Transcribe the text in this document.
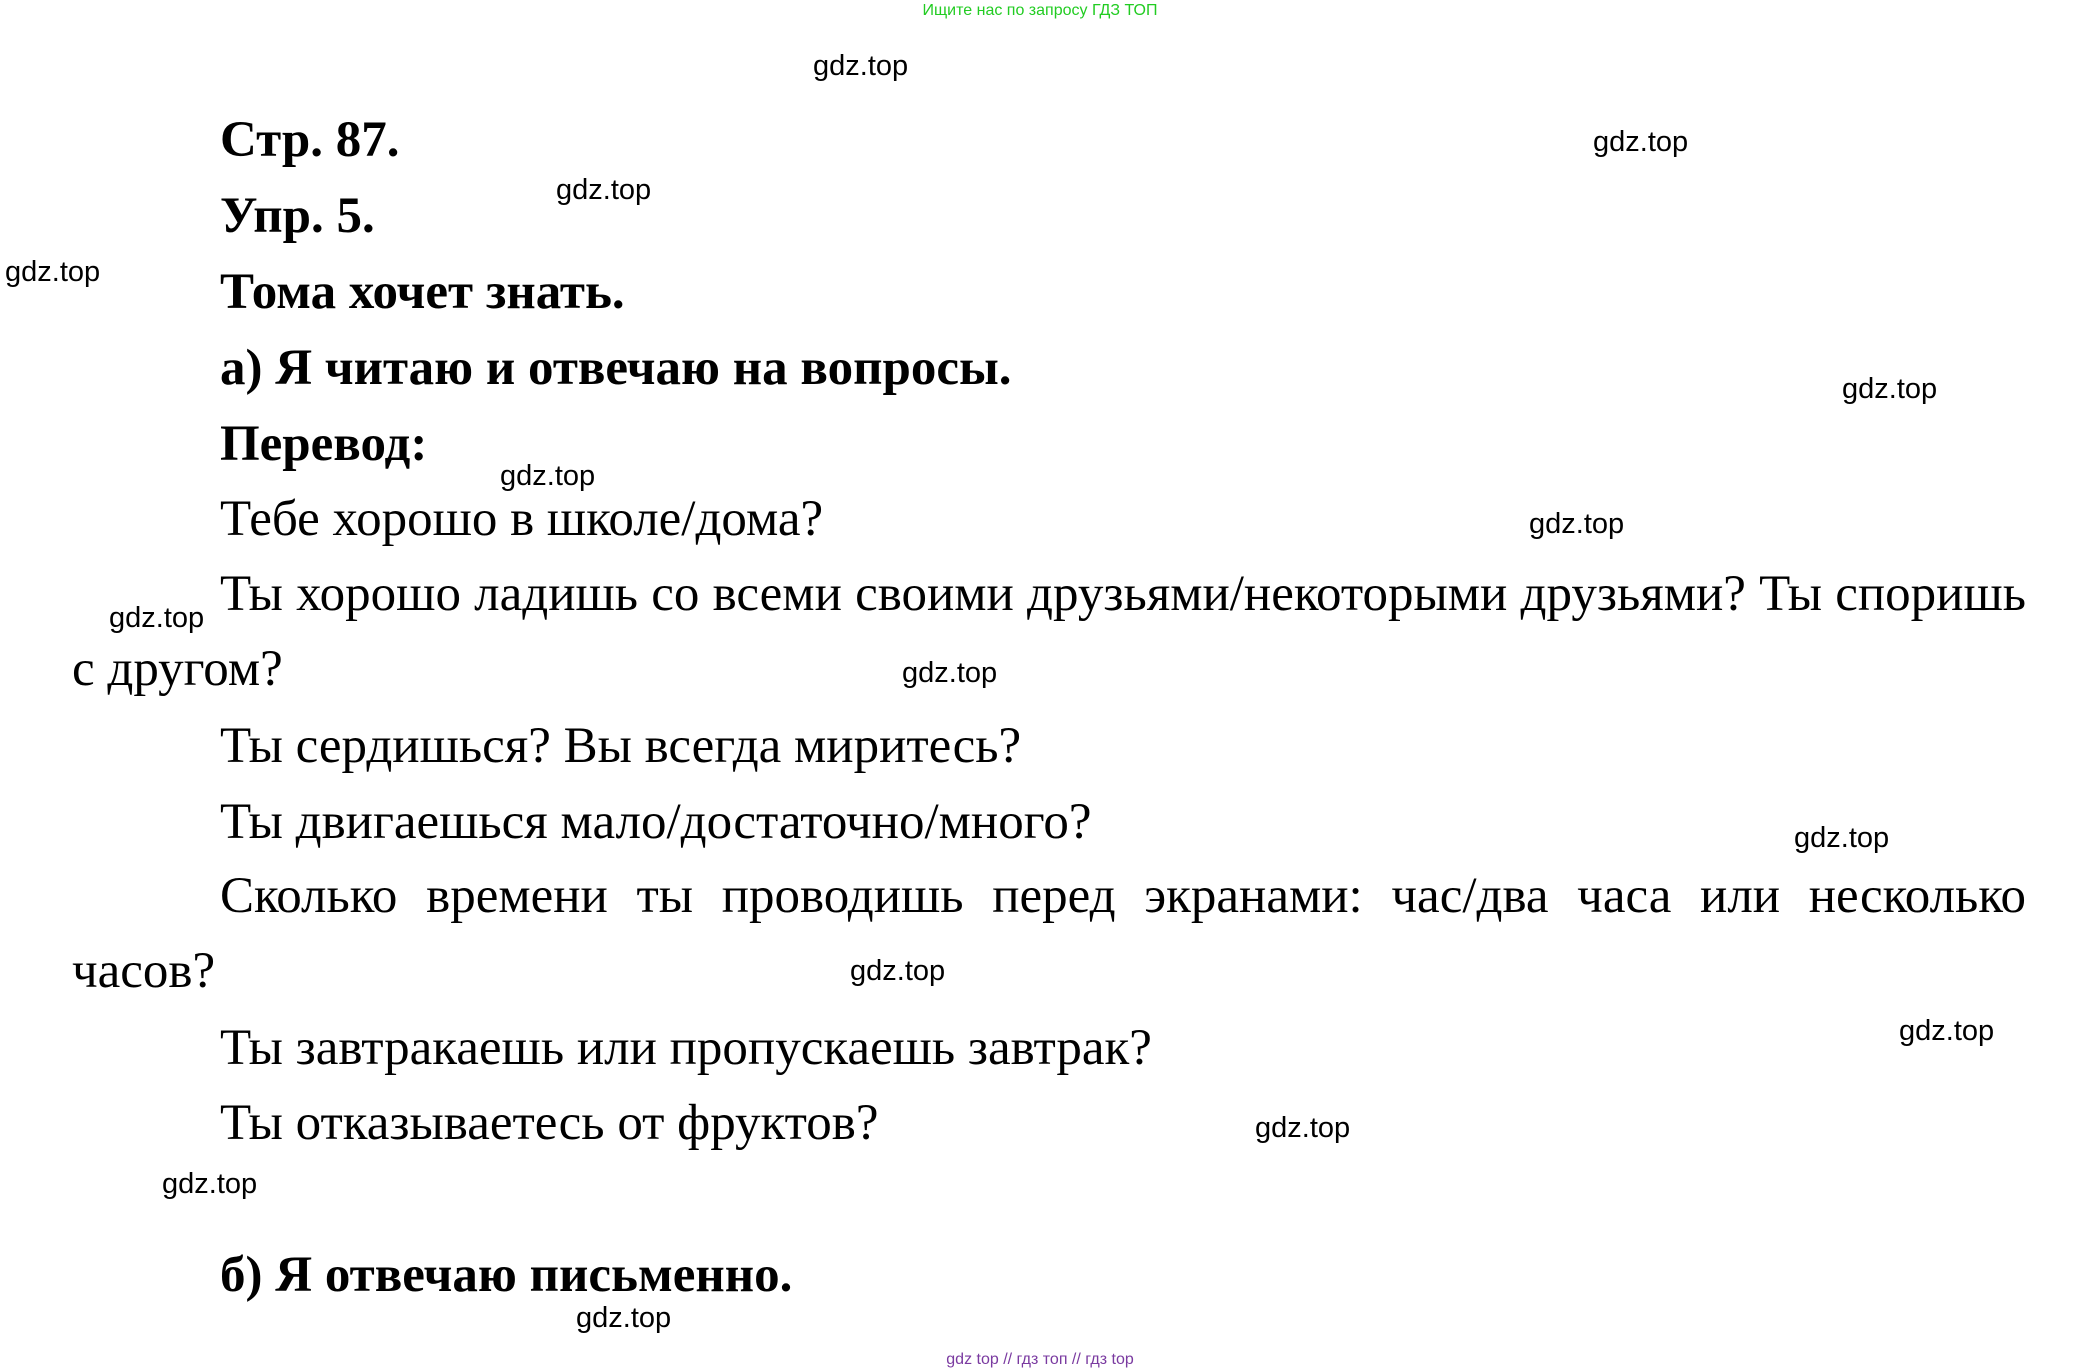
Ищите нас по запросу ГДЗ ТОП
gdz.top
gdz.top
gdz.top
gdz.top
gdz.top
gdz.top
gdz.top
gdz.top
gdz.top
gdz.top
gdz.top
gdz.top
gdz.top
gdz.top
gdz.top
Стр. 87.
Упр. 5.
Тома хочет знать.
а) Я читаю и отвечаю на вопросы.
Перевод:
Тебе хорошо в школе/дома?
Ты хорошо ладишь со всеми своими друзьями/некоторыми друзьями? Ты споришь с другом?
Ты сердишься? Вы всегда миритесь?
Ты двигаешься мало/достаточно/много?
Сколько времени ты проводишь перед экранами: час/два часа или несколько часов?
Ты завтракаешь или пропускаешь завтрак?
Ты отказываетесь от фруктов?
б) Я отвечаю письменно.
gdz top // гдз топ // гдз top
